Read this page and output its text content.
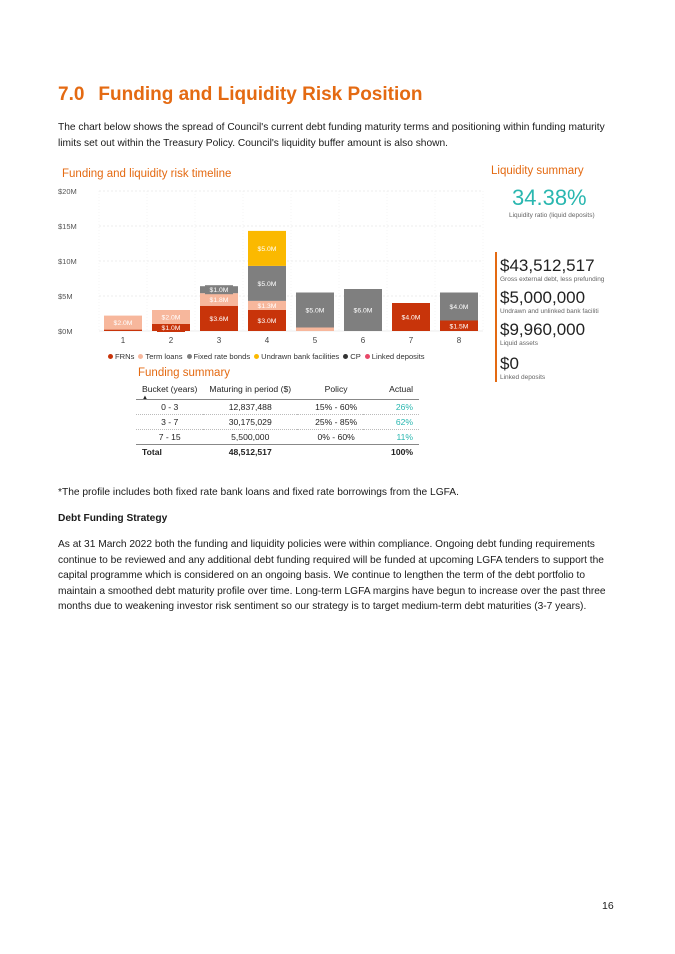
7.0 Funding and Liquidity Risk Position
The chart below shows the spread of Council's current debt funding maturity terms and positioning within funding maturity limits set out within the Treasury Policy. Council's liquidity buffer amount is also shown.
Funding and liquidity risk timeline
$0M
$5M
$10M
$15M
$20M
$2.0M
1
$1.0M
$2.0M
2
$3.6M
$1.8M
$1.0M
3
$3.0M
$1.3M
$5.0M
$5.0M
4
$5.0M
5
$6.0M
6
$4.0M
7
$1.5M
$4.0M
8
FRNs Term loans Fixed rate bonds Undrawn bank facilities CP Linked deposits
Funding summary
Bucket (years)
▲	Maturing in period ($)	Policy	Actual
0 - 3	12,837,488	15% - 60%	26%
3 - 7	30,175,029	25% - 85%	62%
7 - 15	5,500,000	0% - 60%	11%
Total	48,512,517		100%
Liquidity summary
34.38%
Liquidity ratio (liquid deposits)
$43,512,517
Gross external debt, less prefunding
$5,000,000
Undrawn and unlinked bank faciliti
$9,960,000
Liquid assets
$0
Linked deposits
*The profile includes both fixed rate bank loans and fixed rate borrowings from the LGFA.
Debt Funding Strategy
As at 31 March 2022 both the funding and liquidity policies were within compliance. Ongoing debt funding requirements continue to be reviewed and any additional debt funding required will be funded at upcoming LGFA tenders to support the capital programme which is considered on an ongoing basis. We continue to lengthen the term of the debt portfolio to maintain a smoothed debt maturity profile over time. Long-term LGFA margins have begun to increase over the past three months due to weakening investor risk sentiment so our strategy is to target medium-term debt maturities (3-7 years).
16
